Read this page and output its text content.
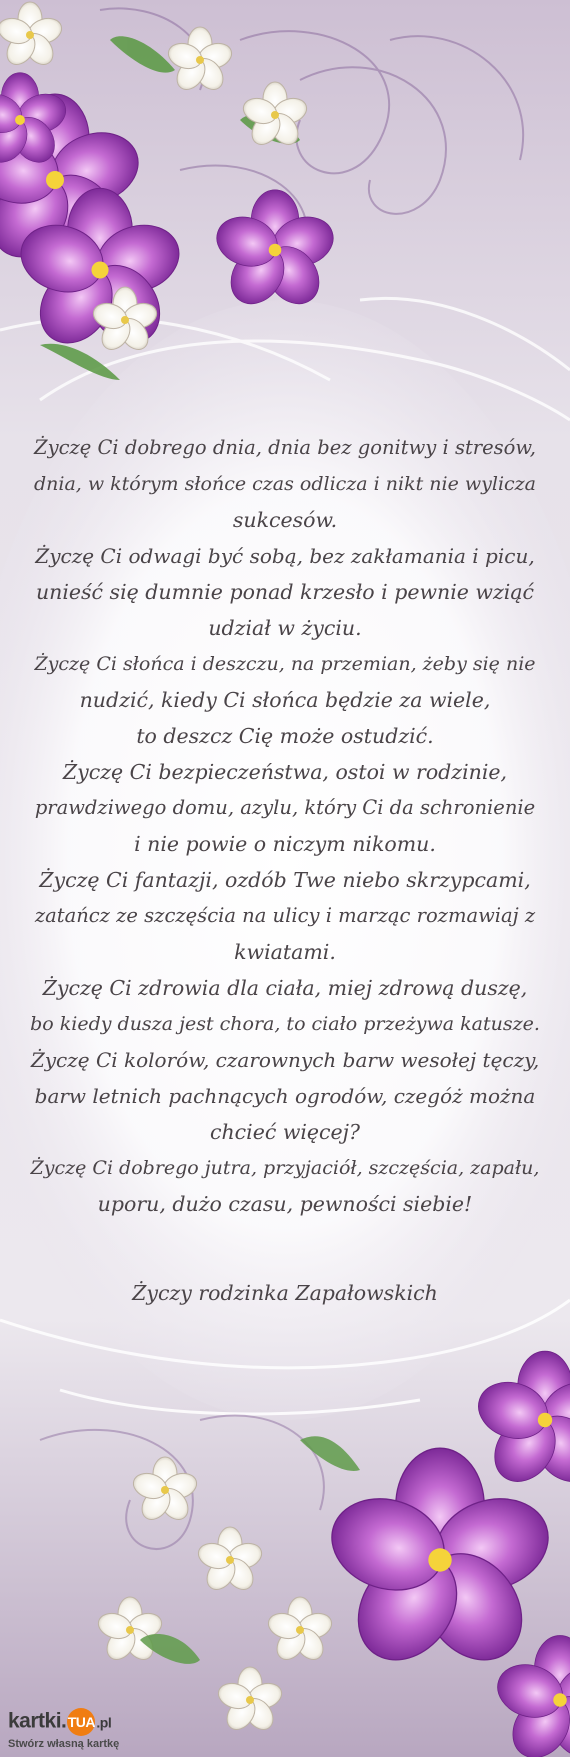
Życzę Ci dobrego dnia, dnia bez gonitwy i stresów,
dnia, w którym słońce czas odlicza i nikt nie wylicza
sukcesów.
Życzę Ci odwagi być sobą, bez zakłamania i picu,
unieść się dumnie ponad krzesło i pewnie wziąć
udział w życiu.
Życzę Ci słońca i deszczu, na przemian, żeby się nie
nudzić, kiedy Ci słońca będzie za wiele,
to deszcz Cię może ostudzić.
Życzę Ci bezpieczeństwa, ostoi w rodzinie,
prawdziwego domu, azylu, który Ci da schronienie
i nie powie o niczym nikomu.
Życzę Ci fantazji, ozdób Twe niebo skrzypcami,
zatańcz ze szczęścia na ulicy i marząc rozmawiaj z
kwiatami.
Życzę Ci zdrowia dla ciała, miej zdrową duszę,
bo kiedy dusza jest chora, to ciało przeżywa katusze.
Życzę Ci kolorów, czarownych barw wesołej tęczy,
barw letnich pachnących ogrodów, czegóż można
chcieć więcej?
Życzę Ci dobrego jutra, przyjaciół, szczęścia, zapału,
uporu, dużo czasu, pewności siebie!
Życzy rodzinka Zapałowskich
kartki.TUA.pl
Stwórz własną kartkę
